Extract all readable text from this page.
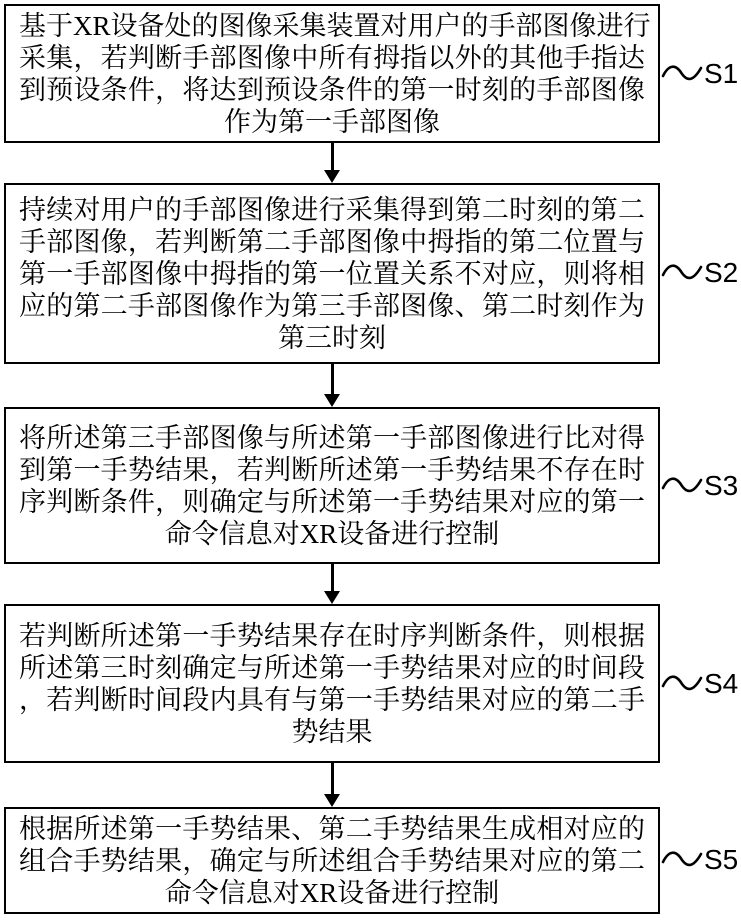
基于XR设备处的图像采集装置对用户的手部图像进行
采集，若判断手部图像中所有拇指以外的其他手指达
到预设条件，将达到预设条件的第一时刻的手部图像
作为第一手部图像
S1
持续对用户的手部图像进行采集得到第二时刻的第二
手部图像，若判断第二手部图像中拇指的第二位置与
第一手部图像中拇指的第一位置关系不对应，则将相
应的第二手部图像作为第三手部图像、第二时刻作为
第三时刻
S2
将所述第三手部图像与所述第一手部图像进行比对得
到第一手势结果，若判断所述第一手势结果不存在时
序判断条件，则确定与所述第一手势结果对应的第一
命令信息对XR设备进行控制
S3
若判断所述第一手势结果存在时序判断条件，则根据
所述第三时刻确定与所述第一手势结果对应的时间段
，若判断时间段内具有与第一手势结果对应的第二手
势结果
S4
根据所述第一手势结果、第二手势结果生成相对应的
组合手势结果，确定与所述组合手势结果对应的第二
命令信息对XR设备进行控制
S5
